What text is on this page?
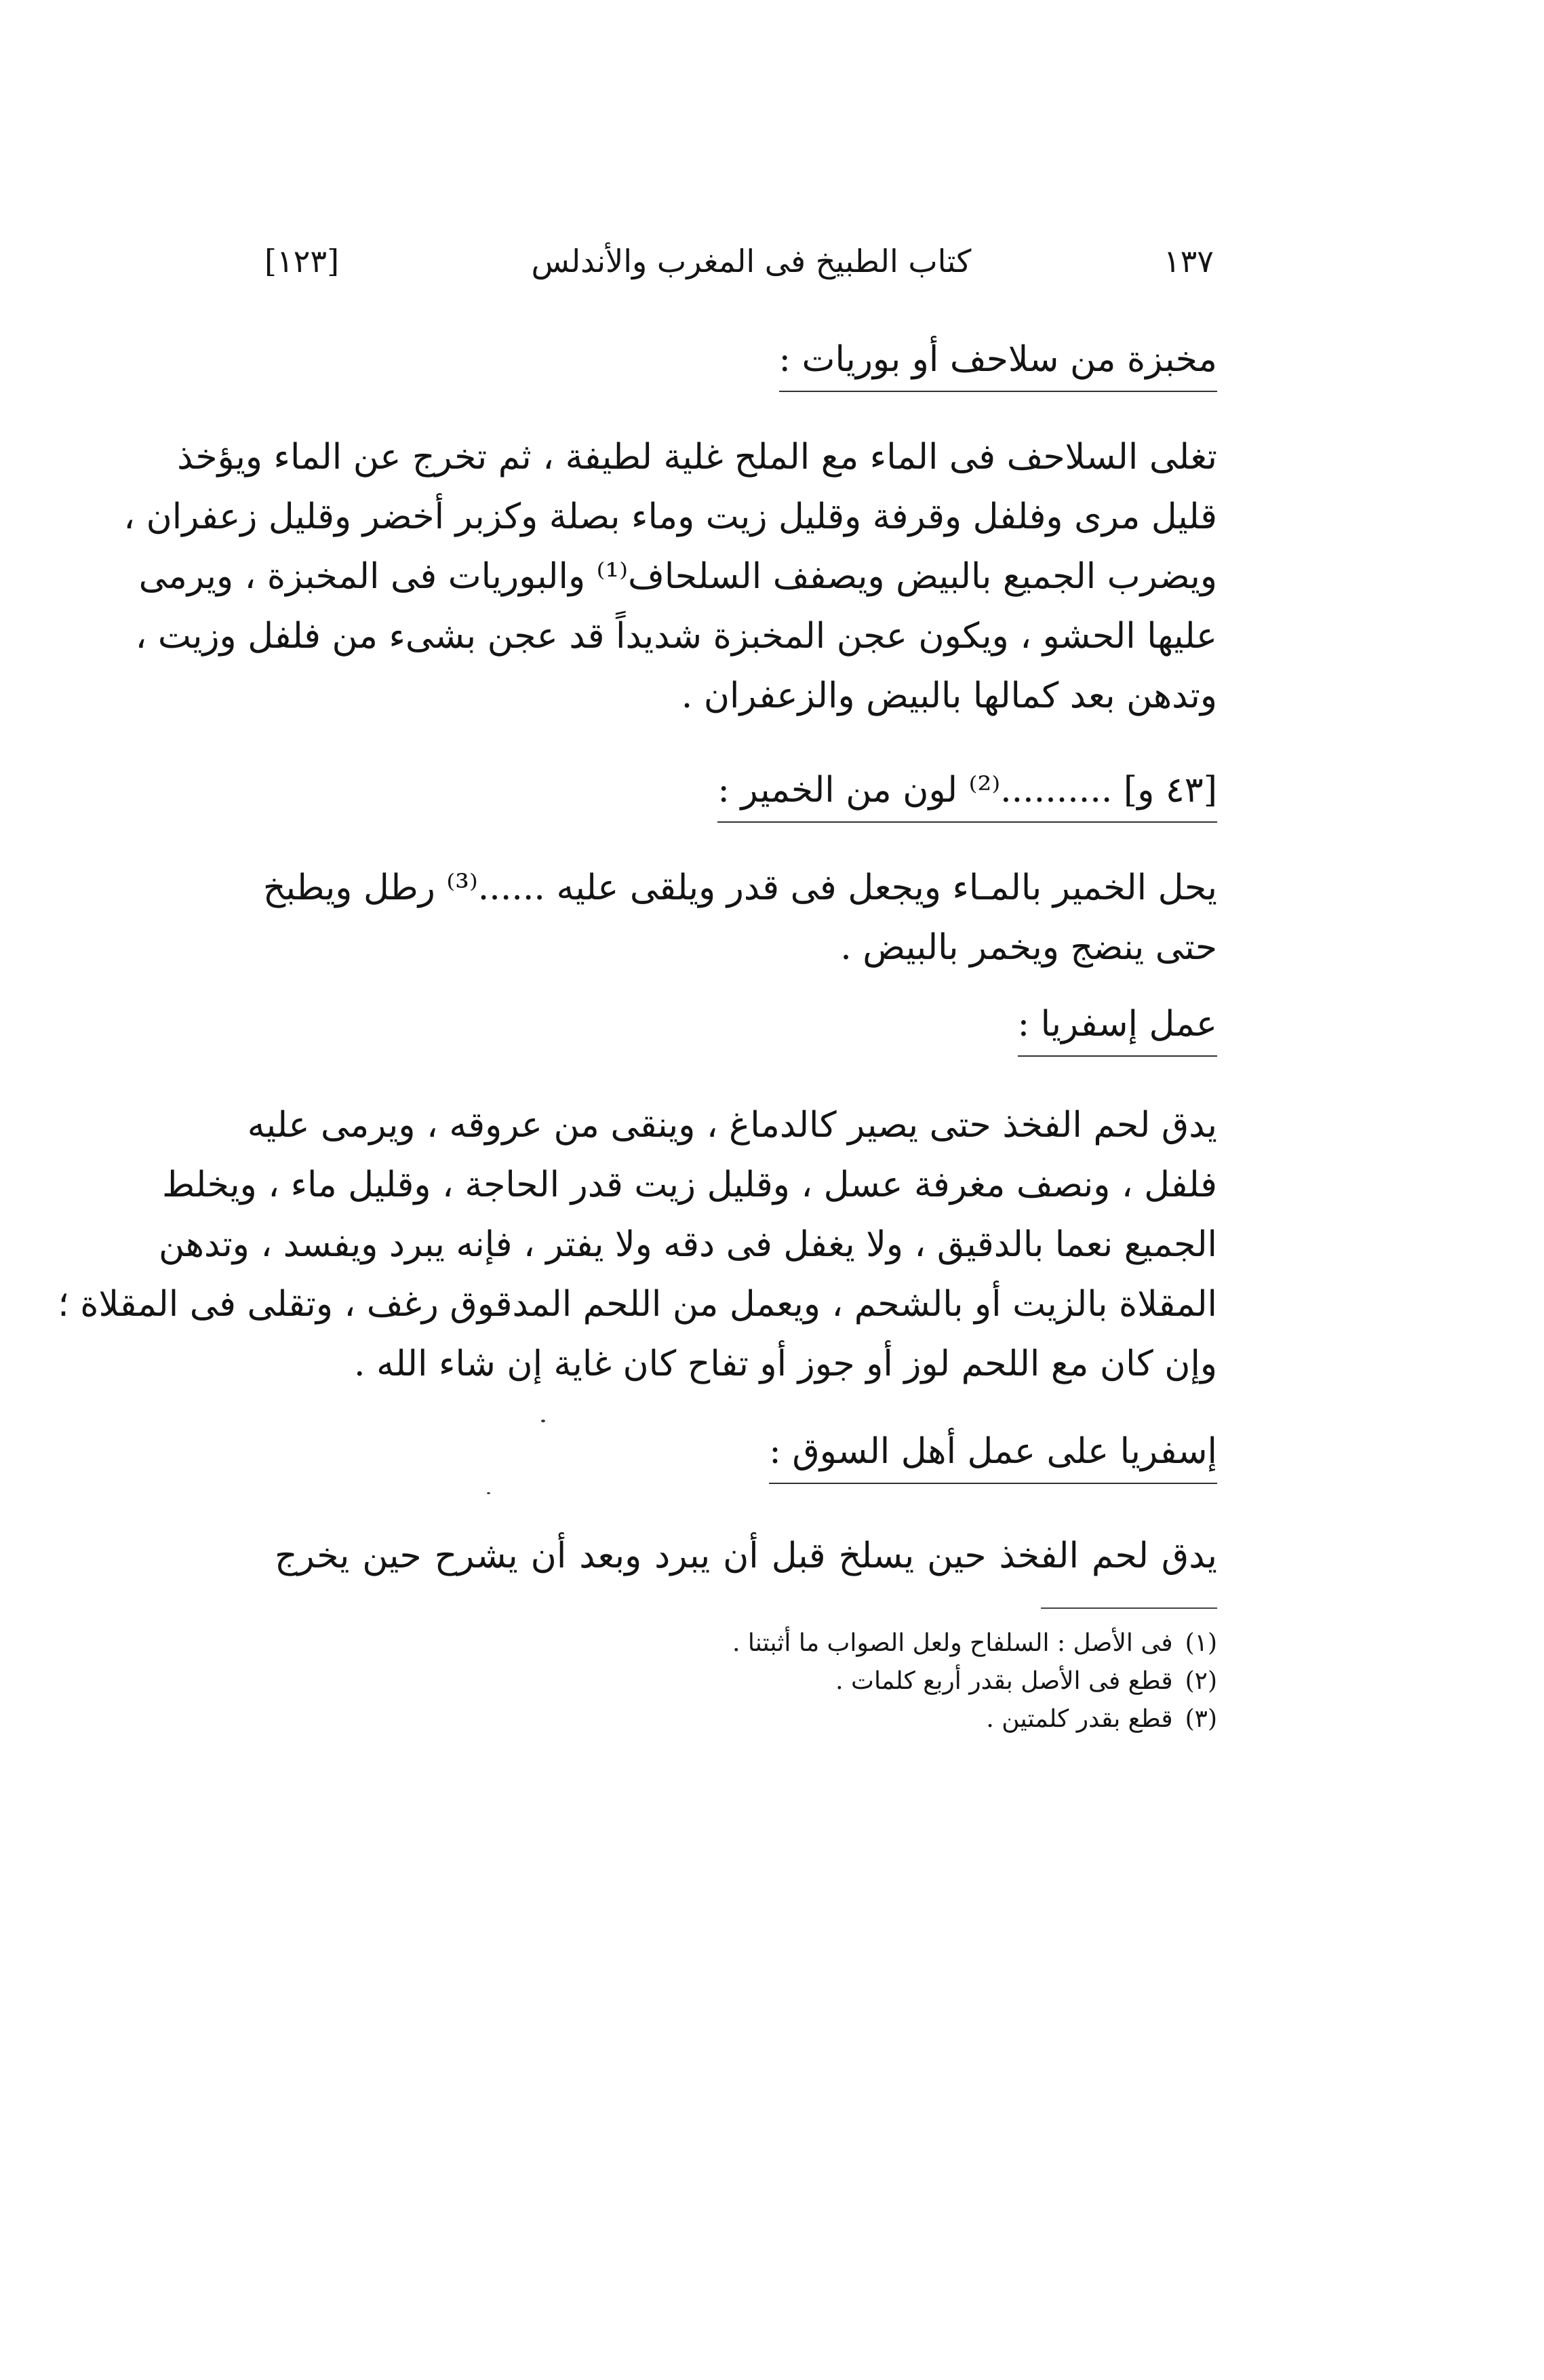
[١٢٣]	كتاب الطبيخ فى المغرب والأندلس	١٣٧
مخبزة من سلاحف أو بوريات :
تغلى السلاحف فى الماء مع الملح غلية لطيفة ، ثم تخرج عن الماء ويؤخذ
قليل مرى وفلفل وقرفة وقليل زيت وماء بصلة وكزبر أخضر وقليل زعفران ،
ويضرب الجميع بالبيض ويصفف السلحاف⁽¹⁾ والبوريات فى المخبزة ، ويرمى
عليها الحشو ، ويكون عجن المخبزة شديداً قد عجن بشىء من فلفل وزيت ،
وتدهن بعد كمالها بالبيض والزعفران .
[٤٣ و] ..........⁽²⁾ لون من الخمير :
يحل الخمير بالمـاء ويجعل فى قدر ويلقى عليه ......⁽³⁾ رطل ويطبخ
حتى ينضج ويخمر بالبيض .
عمل إسفريا :
يدق لحم الفخذ حتى يصير كالدماغ ، وينقى من عروقه ، ويرمى عليه
فلفل ، ونصف مغرفة عسل ، وقليل زيت قدر الحاجة ، وقليل ماء ، ويخلط
الجميع نعما بالدقيق ، ولا يغفل فى دقه ولا يفتر ، فإنه يبرد ويفسد ، وتدهن
المقلاة بالزيت أو بالشحم ، ويعمل من اللحم المدقوق رغف ، وتقلى فى المقلاة ؛
وإن كان مع اللحم لوز أو جوز أو تفاح كان غاية إن شاء الله .
إسفريا على عمل أهل السوق :
يدق لحم الفخذ حين يسلخ قبل أن يبرد وبعد أن يشرح حين يخرج
(١)فى الأصل : السلفاح ولعل الصواب ما أثبتنا .
(٢)قطع فى الأصل بقدر أربع كلمات .
(٣)قطع بقدر كلمتين .
